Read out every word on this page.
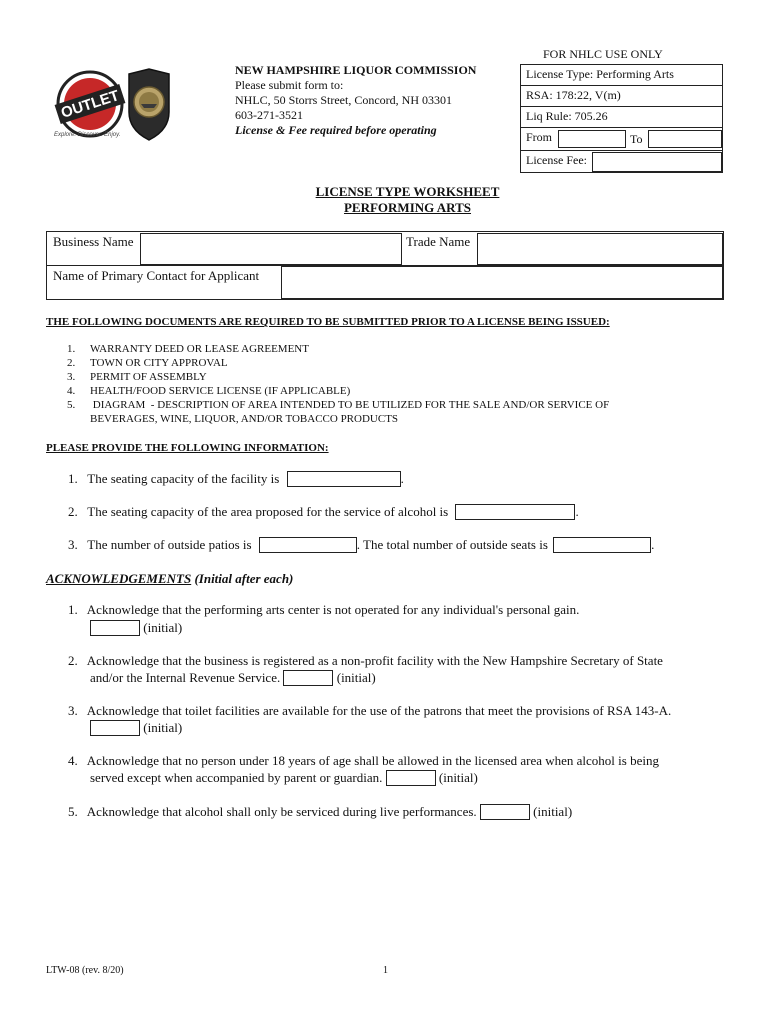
OUTLET
Explore. Discover. Enjoy.
NEW HAMPSHIRE LIQUOR COMMISSION
Please submit form to:
NHLC, 50 Storrs Street, Concord, NH 03301
603-271-3521
License & Fee required before operating
FOR NHLC USE ONLY
License Type: Performing Arts
RSA: 178:22, V(m)
Liq Rule: 705.26
From	To
License Fee:
LICENSE TYPE WORKSHEET
PERFORMING ARTS
Business Name	Trade Name
Name of Primary Contact for Applicant
THE FOLLOWING DOCUMENTS ARE REQUIRED TO BE SUBMITTED PRIOR TO A LICENSE BEING ISSUED:
1. WARRANTY DEED OR LEASE AGREEMENT
2. TOWN OR CITY APPROVAL
3. PERMIT OF ASSEMBLY
4. HEALTH/FOOD SERVICE LICENSE (IF APPLICABLE)
5. DIAGRAM  - DESCRIPTION OF AREA INTENDED TO BE UTILIZED FOR THE SALE AND/OR SERVICE OF
BEVERAGES, WINE, LIQUOR, AND/OR TOBACCO PRODUCTS
PLEASE PROVIDE THE FOLLOWING INFORMATION:
1.   The seating capacity of the facility is	.
2.   The seating capacity of the area proposed for the service of alcohol is	.
3.   The number of outside patios is	. The total number of outside seats is	.
ACKNOWLEDGEMENTS (Initial after each)
1.   Acknowledge that the performing arts center is not operated for any individual's personal gain.
(initial)
2.   Acknowledge that the business is registered as a non-profit facility with the New Hampshire Secretary of State
and/or the Internal Revenue Service.	(initial)
3.   Acknowledge that toilet facilities are available for the use of the patrons that meet the provisions of RSA 143-A.
(initial)
4.   Acknowledge that no person under 18 years of age shall be allowed in the licensed area when alcohol is being
served except when accompanied by parent or guardian.	(initial)
5.   Acknowledge that alcohol shall only be serviced during live performances.	(initial)
LTW-08 (rev. 8/20)	1
